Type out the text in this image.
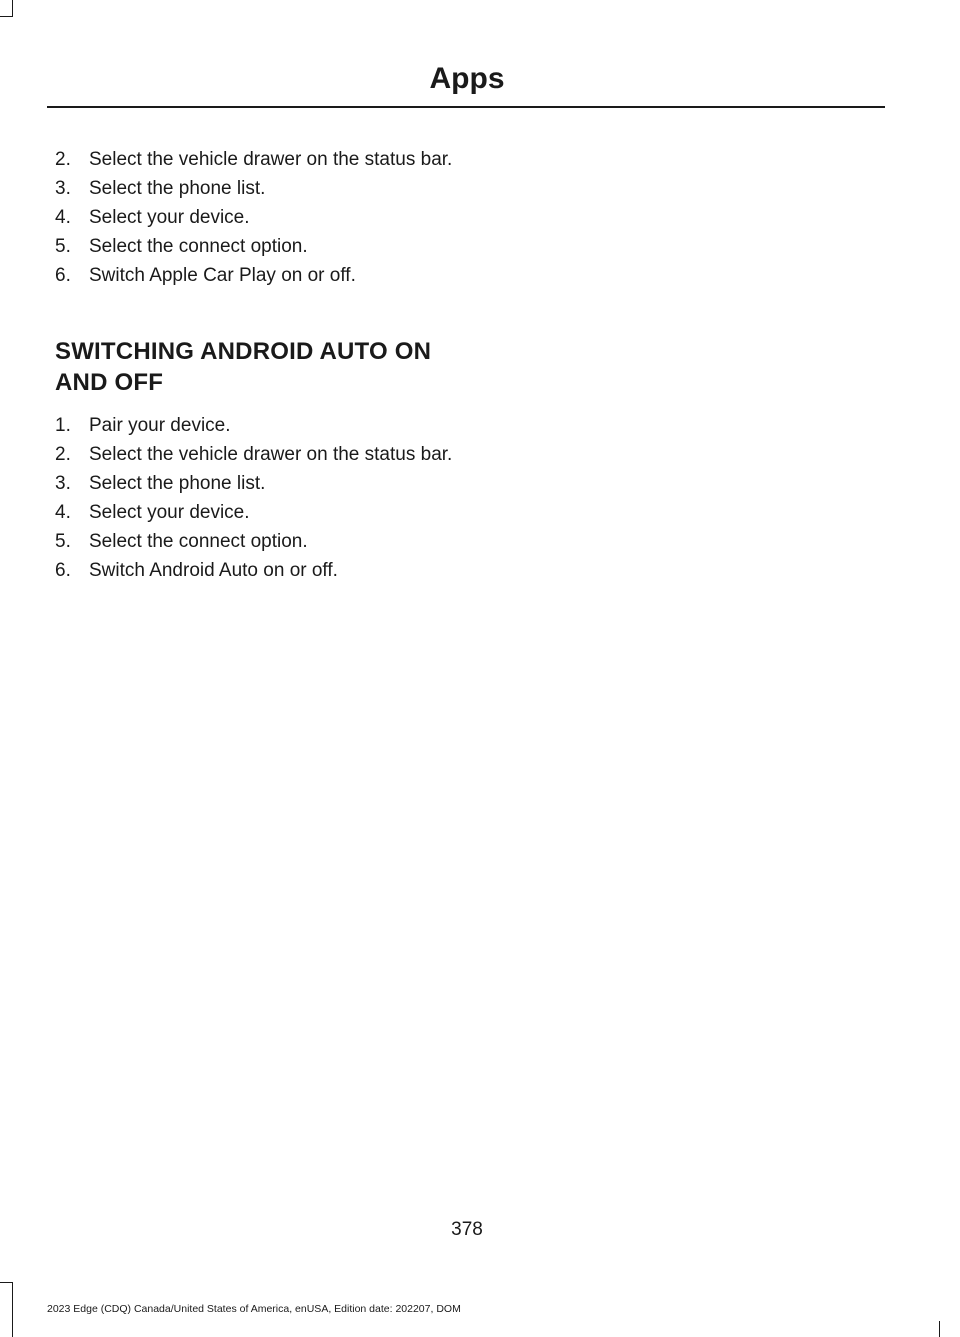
Apps
2. Select the vehicle drawer on the status bar.
3. Select the phone list.
4. Select your device.
5. Select the connect option.
6. Switch Apple Car Play on or off.
SWITCHING ANDROID AUTO ON AND OFF
1. Pair your device.
2. Select the vehicle drawer on the status bar.
3. Select the phone list.
4. Select your device.
5. Select the connect option.
6. Switch Android Auto on or off.
378
2023 Edge (CDQ) Canada/United States of America, enUSA, Edition date: 202207, DOM
